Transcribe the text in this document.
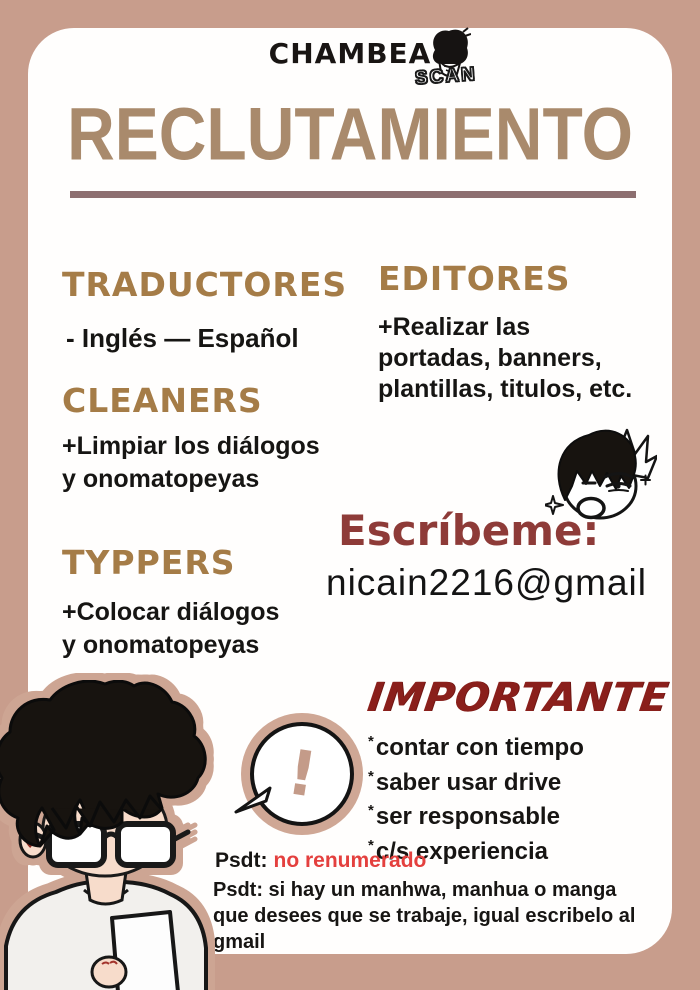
CHAMBEA
SCAN
RECLUTAMIENTO
TRADUCTORES
- Inglés — Español
CLEANERS
+Limpiar los diálogos
y onomatopeyas
TYPPERS
+Colocar diálogos
y onomatopeyas
EDITORES
+Realizar las
portadas, banners,
plantillas, titulos, etc.
Escríbeme:
nicain2216@gmail
IMPORTANTE
*contar con tiempo
*saber usar drive
*ser responsable
*c/s experiencia
Psdt: no renumerado
Psdt: si hay un manhwa, manhua o manga que desees que se trabaje, igual escribelo al gmail
!
